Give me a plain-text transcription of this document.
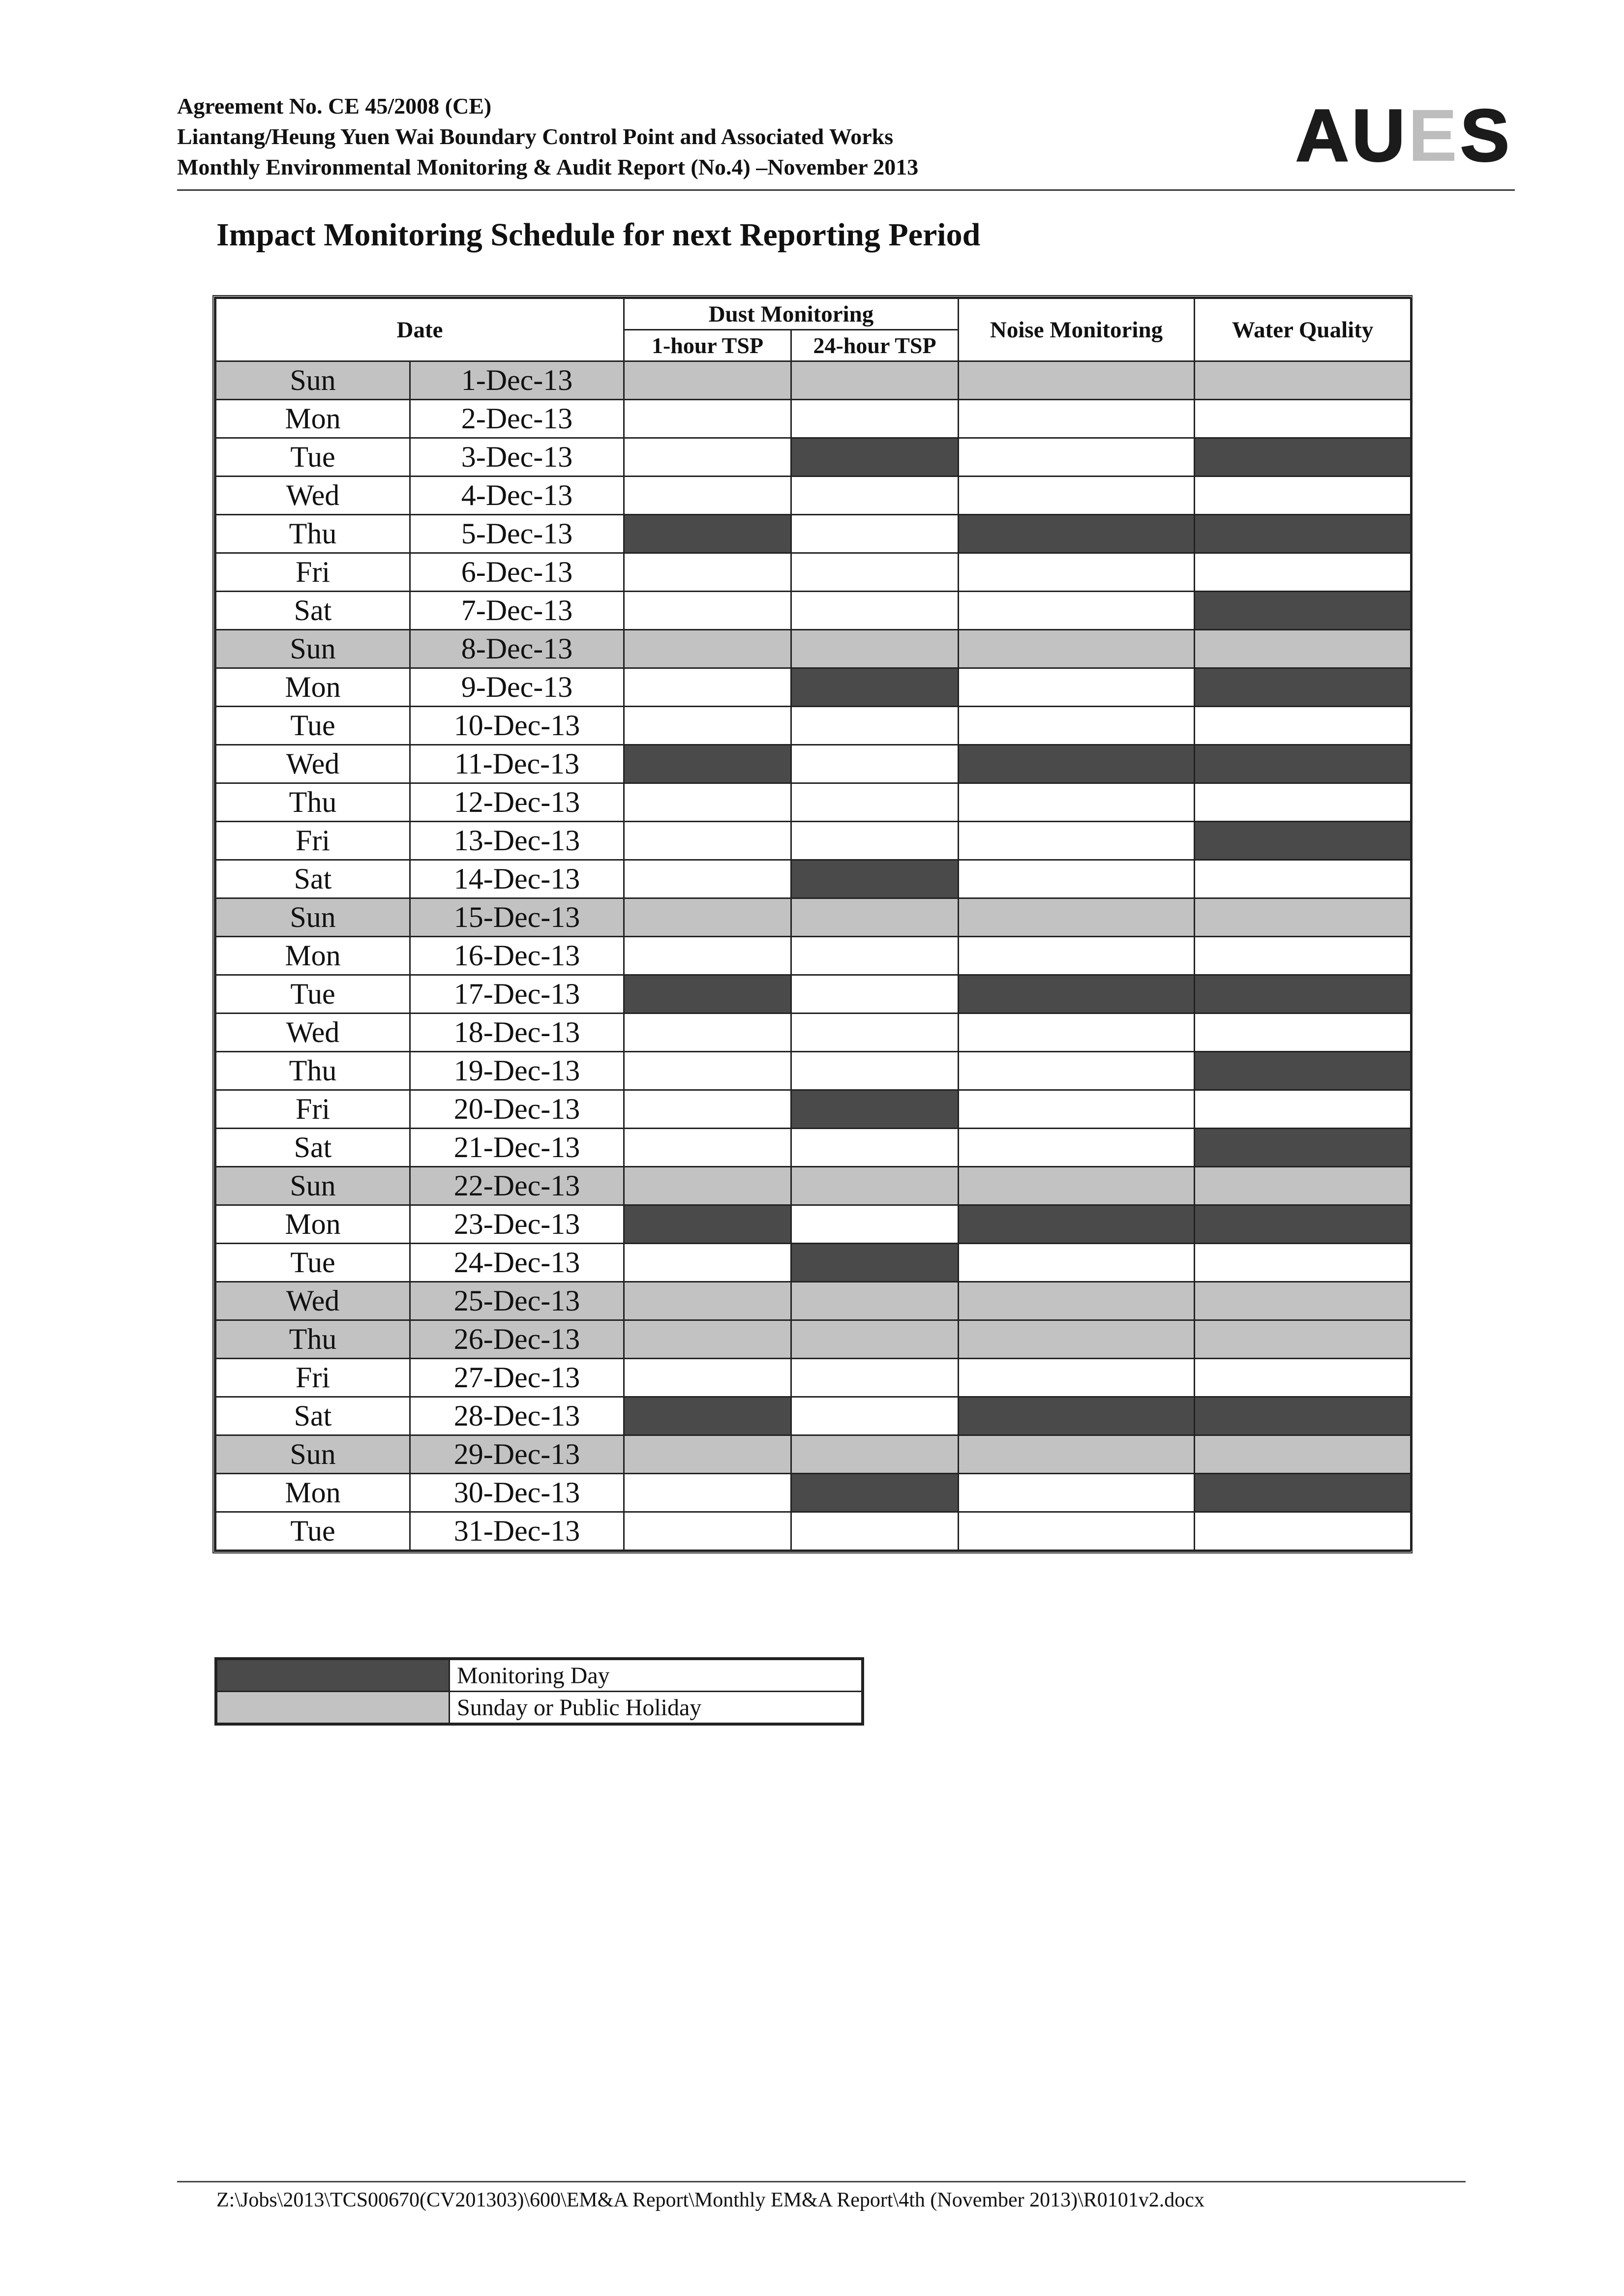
Agreement No. CE 45/2008 (CE)
Liantang/Heung Yuen Wai Boundary Control Point and Associated Works
Monthly Environmental Monitoring & Audit Report (No.4) –November 2013	A U E S
Impact Monitoring Schedule for next Reporting Period
Date		Dust Monitoring		Noise Monitoring	Water Quality
		1-hour TSP	24-hour TSP		
Sun	1-Dec-13				
Mon	2-Dec-13				
Tue	3-Dec-13				
Wed	4-Dec-13				
Thu	5-Dec-13				
Fri	6-Dec-13				
Sat	7-Dec-13				
Sun	8-Dec-13				
Mon	9-Dec-13				
Tue	10-Dec-13				
Wed	11-Dec-13				
Thu	12-Dec-13				
Fri	13-Dec-13				
Sat	14-Dec-13				
Sun	15-Dec-13				
Mon	16-Dec-13				
Tue	17-Dec-13				
Wed	18-Dec-13				
Thu	19-Dec-13				
Fri	20-Dec-13				
Sat	21-Dec-13				
Sun	22-Dec-13				
Mon	23-Dec-13				
Tue	24-Dec-13				
Wed	25-Dec-13				
Thu	26-Dec-13				
Fri	27-Dec-13				
Sat	28-Dec-13				
Sun	29-Dec-13				
Mon	30-Dec-13				
Tue	31-Dec-13				
	Monitoring Day
	Sunday or Public Holiday
Z:\Jobs\2013\TCS00670(CV201303)\600\EM&A Report\Monthly EM&A Report\4th (November 2013)\R0101v2.docx
